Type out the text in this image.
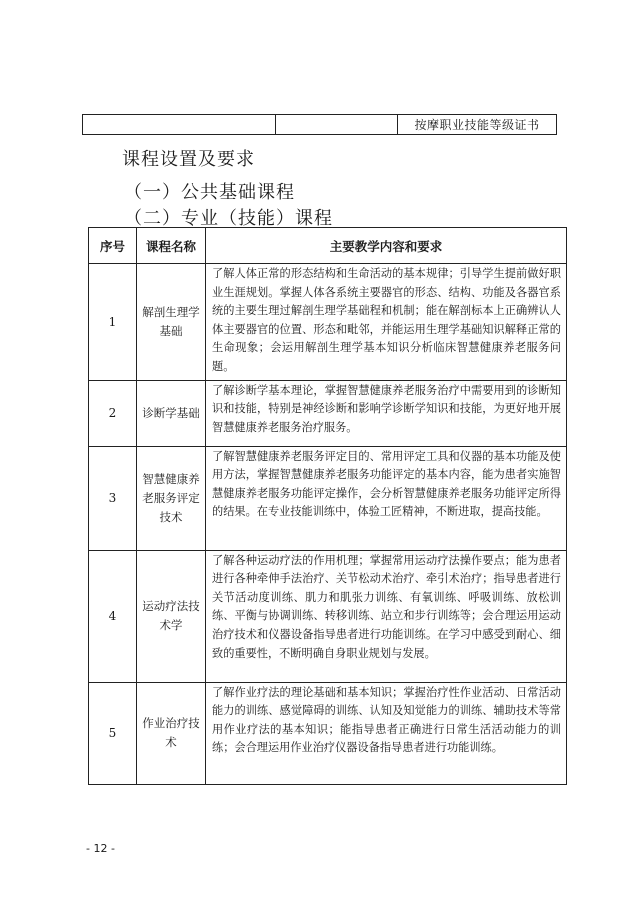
		按摩职业技能等级证书
课程设置及要求
（一）公共基础课程
（二）专业（技能）课程
序号	课程名称	主要教学内容和要求
1	解剖生理学基础	了解人体正常的形态结构和生命活动的基本规律；引导学生提前做好职业生涯规划。掌握人体各系统主要器官的形态、结构、功能及各器官系统的主要生理过解剖生理学基础程和机制；能在解剖标本上正确辨认人体主要器官的位置、形态和毗邻，并能运用生理学基础知识解释正常的生命现象；会运用解剖生理学基本知识分析临床智慧健康养老服务问题。
2	诊断学基础	了解诊断学基本理论，掌握智慧健康养老服务治疗中需要用到的诊断知识和技能，特别是神经诊断和影响学诊断学知识和技能，为更好地开展智慧健康养老服务治疗服务。
3	智慧健康养老服务评定技术	了解智慧健康养老服务评定目的、常用评定工具和仪器的基本功能及使用方法，掌握智慧健康养老服务功能评定的基本内容，能为患者实施智慧健康养老服务功能评定操作，会分析智慧健康养老服务功能评定所得的结果。在专业技能训练中，体验工匠精神，不断进取，提高技能。
4	运动疗法技术学	了解各种运动疗法的作用机理；掌握常用运动疗法操作要点；能为患者进行各种牵伸手法治疗、关节松动术治疗、牵引术治疗；指导患者进行关节活动度训练、肌力和肌张力训练、有氧训练、呼吸训练、放松训练、平衡与协调训练、转移训练、站立和步行训练等；会合理运用运动治疗技术和仪器设备指导患者进行功能训练。在学习中感受到耐心、细致的重要性，不断明确自身职业规划与发展。
5	作业治疗技术	了解作业疗法的理论基础和基本知识；掌握治疗性作业活动、日常活动能力的训练、感觉障碍的训练、认知及知觉能力的训练、辅助技术等常用作业疗法的基本知识；能指导患者正确进行日常生活活动能力的训练；会合理运用作业治疗仪器设备指导患者进行功能训练。
- 12 -
